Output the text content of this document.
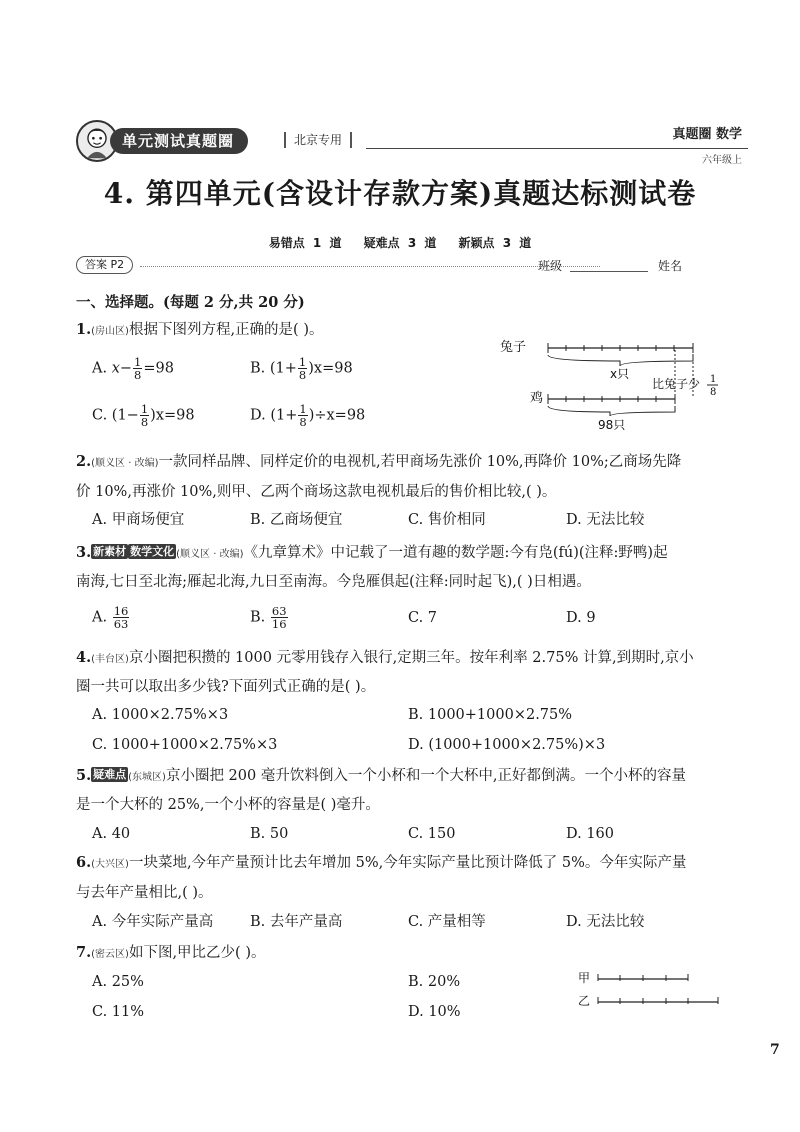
单元测试真题圈	北京专用	真题圈 数学
六年级上
4. 第四单元(含设计存款方案)真题达标测试卷
易错点 1 道 疑难点 3 道 新颖点 3 道
答案 P2	班级	姓名
一、选择题。(每题 2 分,共 20 分)
1.(房山区)根据下图列方程,正确的是( )。
A. $x- \frac{1}{8} =98$	B. $(1+ \frac{1}{8} )x=98$
C. $(1- \frac{1}{8} )x=98$	D. $(1+ \frac{1}{8} )\div x=98$
兔子
x只
比兔子少 1
8
鸡
98只
2.(顺义区 · 改编)一款同样品牌、同样定价的电视机,若甲商场先涨价 10%,再降价 10%;乙商场先降
价 10%,再涨价 10%,则甲、乙两个商场这款电视机最后的售价相比较,( )。
A. 甲商场便宜	B. 乙商场便宜	C. 售价相同	D. 无法比较
3. 新素材 数学文化 (顺义区 · 改编)《九章算术》中记载了一道有趣的数学题:今有凫(fú)(注释:野鸭)起
南海,七日至北海;雁起北海,九日至南海。今凫雁俱起(注释:同时起飞),( )日相遇。
A. $\frac{16}{63}$	B. $\frac{63}{16}$	C. 7	D. 9
4.(丰台区)京小圈把积攒的 1000 元零用钱存入银行,定期三年。按年利率 2.75% 计算,到期时,京小
圈一共可以取出多少钱?下面列式正确的是( )。
A. 1000×2.75%×3	B. 1000+1000×2.75%
C. 1000+1000×2.75%×3	D. (1000+1000×2.75%)×3
5. 疑难点 (东城区)京小圈把 200 毫升饮料倒入一个小杯和一个大杯中,正好都倒满。一个小杯的容量
是一个大杯的 25%,一个小杯的容量是( )毫升。
A. 40	B. 50	C. 150	D. 160
6.(大兴区)一块菜地,今年产量预计比去年增加 5%,今年实际产量比预计降低了 5%。今年实际产量
与去年产量相比,( )。
A. 今年实际产量高	B. 去年产量高	C. 产量相等	D. 无法比较
7.(密云区)如下图,甲比乙少( )。
A. 25%	B. 20%
C. 11%	D. 10%
甲
乙
7
